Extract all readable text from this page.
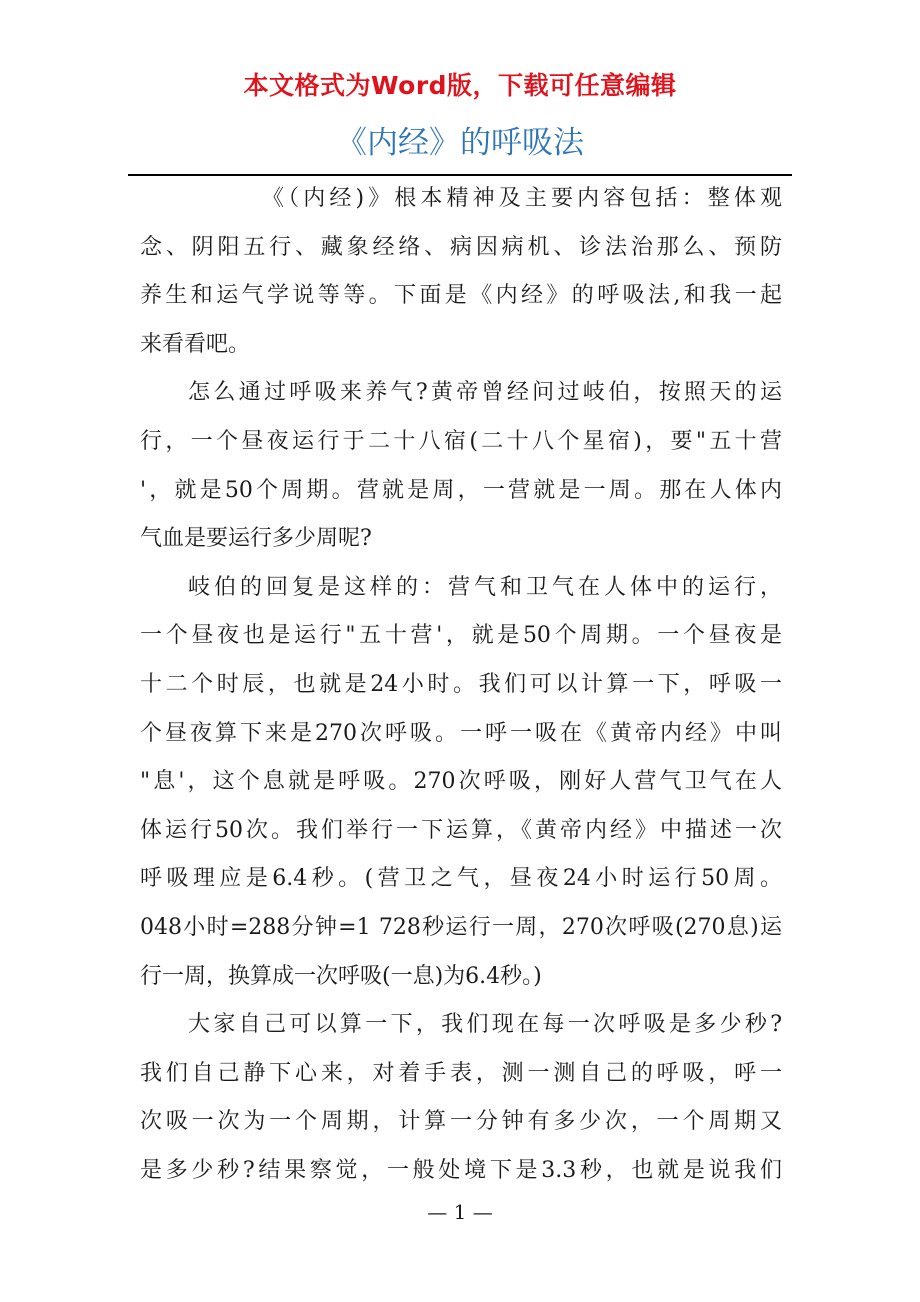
本文格式为Word版，下载可任意编辑
《内经》的呼吸法
《（内经)》根本精神及主要内容包括：整体观
念、阴阳五行、藏象经络、病因病机、诊法治那么、预防
养生和运气学说等等。下面是《内经》的呼吸法,和我一起
来看看吧。
怎么通过呼吸来养气?黄帝曾经问过岐伯，按照天的运
行，一个昼夜运行于二十八宿(二十八个星宿)，要"五十营
'，就是50个周期。营就是周，一营就是一周。那在人体内
气血是要运行多少周呢?
岐伯的回复是这样的：营气和卫气在人体中的运行，
一个昼夜也是运行"五十营'，就是50个周期。一个昼夜是
十二个时辰，也就是24小时。我们可以计算一下，呼吸一
个昼夜算下来是270次呼吸。一呼一吸在《黄帝内经》中叫
"息'，这个息就是呼吸。270次呼吸，刚好人营气卫气在人
体运行50次。我们举行一下运算，《黄帝内经》中描述一次
呼吸理应是6.4秒。(营卫之气，昼夜24小时运行50周。
048小时=288分钟=1 728秒运行一周，270次呼吸(270息)运
行一周，换算成一次呼吸(一息)为6.4秒。)
大家自己可以算一下，我们现在每一次呼吸是多少秒?
我们自己静下心来，对着手表，测一测自己的呼吸，呼一
次吸一次为一个周期，计算一分钟有多少次，一个周期又
是多少秒?结果察觉，一般处境下是3.3秒，也就是说我们
— 1 —
